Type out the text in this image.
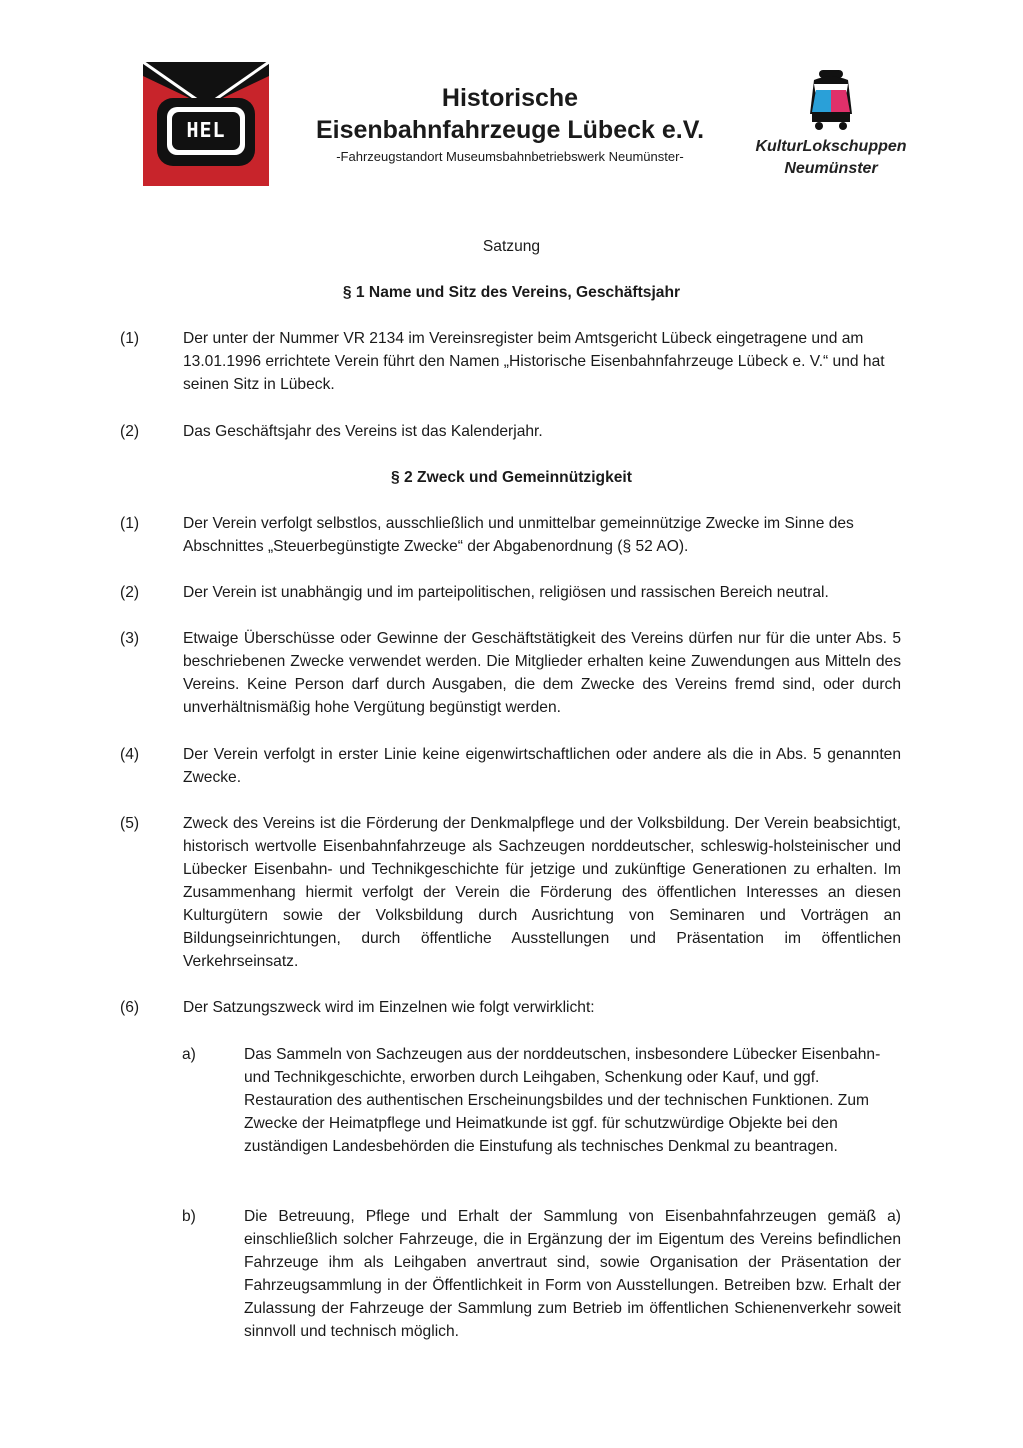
HEL
Historische
Eisenbahnfahrzeuge Lübeck e.V.
-Fahrzeugstandort Museumsbahnbetriebswerk Neumünster-
KulturLokschuppen
Neumünster
Satzung
§ 1 Name und Sitz des Vereins, Geschäftsjahr
(1)	Der unter der Nummer VR 2134 im Vereinsregister beim Amtsgericht Lübeck eingetragene und am 13.01.1996 errichtete Verein führt den Namen „Historische Eisenbahnfahrzeuge Lübeck e. V.“ und hat seinen Sitz in Lübeck.
(2)	Das Geschäftsjahr des Vereins ist das Kalenderjahr.
§ 2 Zweck und Gemeinnützigkeit
(1)	Der Verein verfolgt selbstlos, ausschließlich und unmittelbar gemeinnützige Zwecke im Sinne des Abschnittes „Steuerbegünstigte Zwecke“ der Abgabenordnung (§ 52 AO).
(2)	Der Verein ist unabhängig und im parteipolitischen, religiösen und rassischen Bereich neutral.
(3)	Etwaige Überschüsse oder Gewinne der Geschäftstätigkeit des Vereins dürfen nur für die unter Abs. 5 beschriebenen Zwecke verwendet werden. Die Mitglieder erhalten keine Zuwendungen aus Mitteln des Vereins. Keine Person darf durch Ausgaben, die dem Zwecke des Vereins fremd sind, oder durch unverhältnismäßig hohe Vergütung begünstigt werden.
(4)	Der Verein verfolgt in erster Linie keine eigenwirtschaftlichen oder andere als die in Abs. 5 genannten Zwecke.
(5)	Zweck des Vereins ist die Förderung der Denkmalpflege und der Volksbildung. Der Verein beabsichtigt, historisch wertvolle Eisenbahnfahrzeuge als Sachzeugen norddeutscher, schleswig-holsteinischer und Lübecker Eisenbahn- und Technikgeschichte für jetzige und zukünftige Generationen zu erhalten. Im Zusammenhang hiermit verfolgt der Verein die Förderung des öffentlichen Interesses an diesen Kulturgütern sowie der Volksbildung durch Ausrichtung von Seminaren und Vorträgen an Bildungseinrichtungen, durch öffentliche Ausstellungen und Präsentation im öffentlichen Verkehrseinsatz.
(6)	Der Satzungszweck wird im Einzelnen wie folgt verwirklicht:
a)	Das Sammeln von Sachzeugen aus der norddeutschen, insbesondere Lübecker Eisenbahn- und Technikgeschichte, erworben durch Leihgaben, Schenkung oder Kauf, und ggf. Restauration des authentischen Erscheinungsbildes und der technischen Funktionen. Zum Zwecke der Heimatpflege und Heimatkunde ist ggf. für schutzwürdige Objekte bei den zuständigen Landesbehörden die Einstufung als technisches Denkmal zu beantragen.
b)	Die Betreuung, Pflege und Erhalt der Sammlung von Eisenbahnfahrzeugen gemäß a) einschließlich solcher Fahrzeuge, die in Ergänzung der im Eigentum des Vereins befindlichen Fahrzeuge ihm als Leihgaben anvertraut sind, sowie Organisation der Präsentation der Fahrzeugsammlung in der Öffentlichkeit in Form von Ausstellungen. Betreiben bzw. Erhalt der Zulassung der Fahrzeuge der Sammlung zum Betrieb im öffentlichen Schienenverkehr soweit sinnvoll und technisch möglich.
